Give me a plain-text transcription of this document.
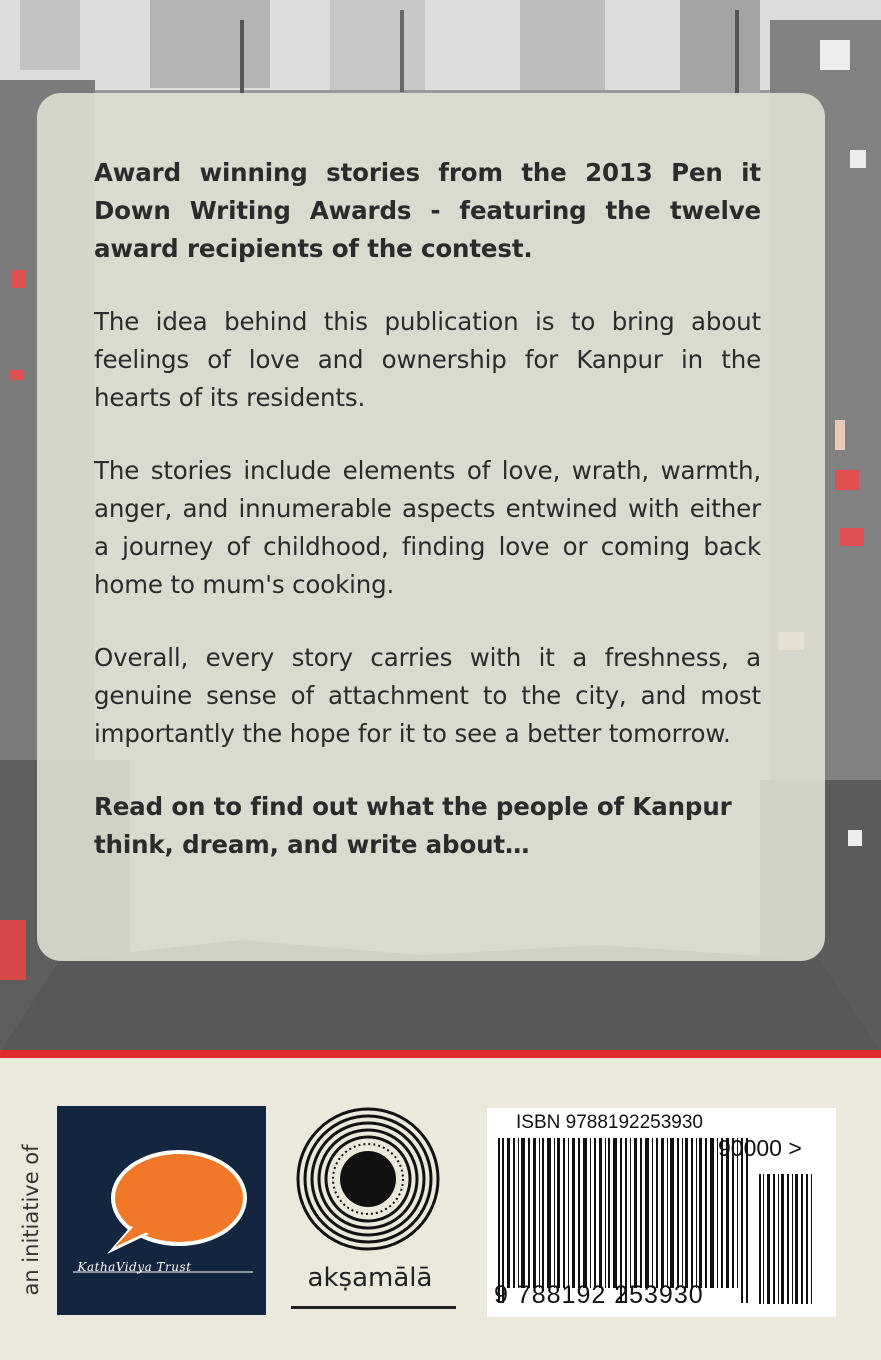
Award winning stories from the 2013 Pen it Down Writing Awards - featuring the twelve award recipients of the contest.

The idea behind this publication is to bring about feelings of love and ownership for Kanpur in the hearts of its residents.

The stories include elements of love, wrath, warmth, anger, and innumerable aspects entwined with either a journey of childhood, finding love or coming back home to mum's cooking.

Overall, every story carries with it a freshness, a genuine sense of attachment to the city, and most importantly the hope for it to see a better tomorrow.

Read on to find out what the people of Kanpur think, dream, and write about…

an initiative of	KathaVidya Trust	akṣamālā
ISBN 9788192253930
90000 >
9 788192 253930
